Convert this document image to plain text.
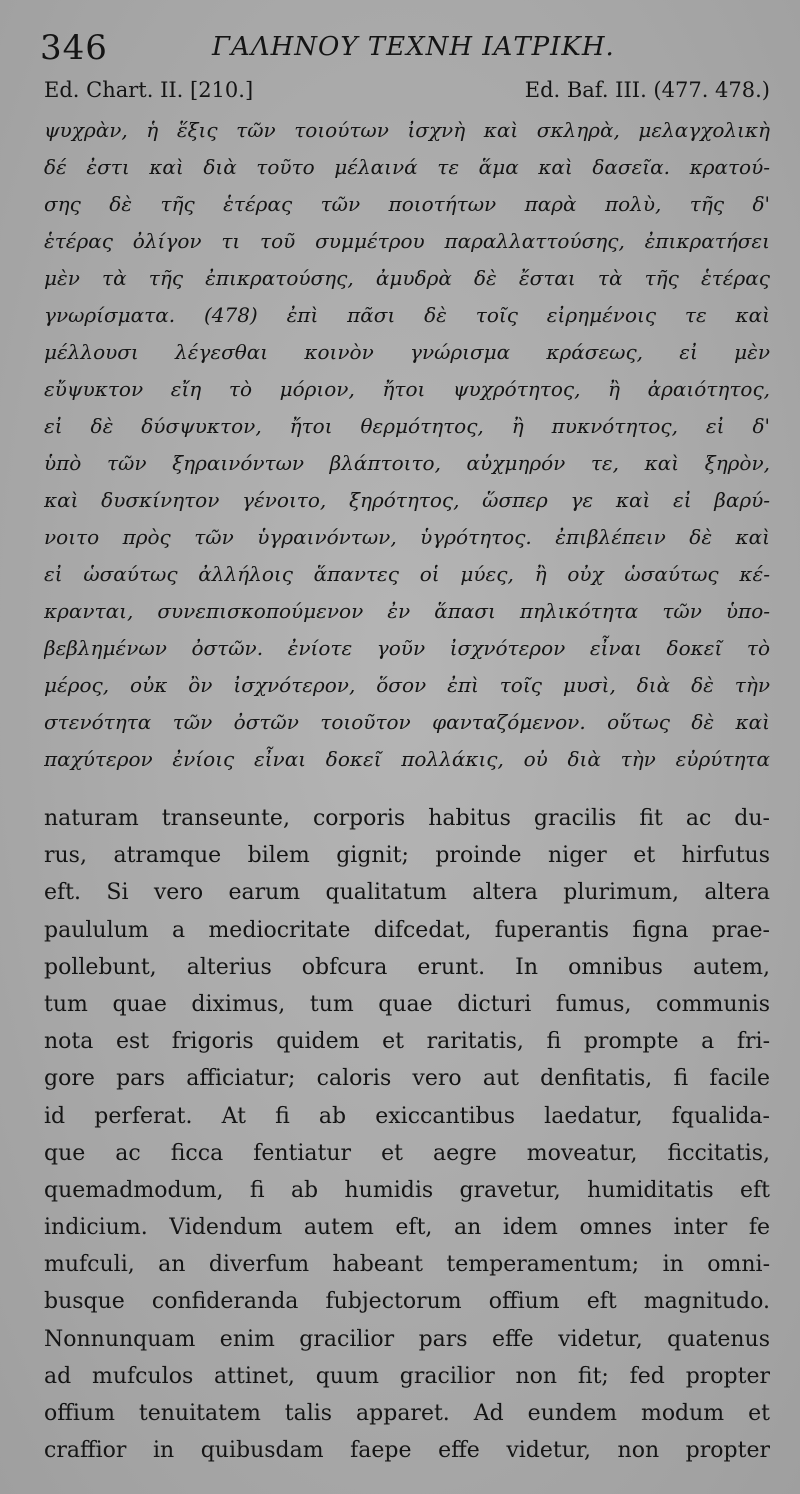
346	ΓΑΛΗΝΟΥ ΤΕΧΝΗ ΙΑΤΡΙΚΗ.
Ed. Chart. II. [210.]	Ed. Baf. III. (477. 478.)
ψυχρὰν, ἡ ἕξις τῶν τοιούτων ἰσχνὴ καὶ σκληρὰ, μελαγχολικὴ
δέ ἐστι καὶ διὰ τοῦτο μέλαινά τε ἅμα καὶ δασεῖα. κρατού-
σης δὲ τῆς ἑτέρας τῶν ποιοτήτων παρὰ πολὺ, τῆς δ'
ἑτέρας ὀλίγον τι τοῦ συμμέτρου παραλλαττούσης, ἐπικρατήσει
μὲν τὰ τῆς ἐπικρατούσης, ἀμυδρὰ δὲ ἔσται τὰ τῆς ἑτέρας
γνωρίσματα. (478) ἐπὶ πᾶσι δὲ τοῖς εἰρημένοις τε καὶ
μέλλουσι λέγεσθαι κοινὸν γνώρισμα κράσεως, εἰ μὲν
εὔψυκτον εἴη τὸ μόριον, ἤτοι ψυχρότητος, ἢ ἀραιότητος,
εἰ δὲ δύσψυκτον, ἤτοι θερμότητος, ἢ πυκνότητος, εἰ δ'
ὑπὸ τῶν ξηραινόντων βλάπτοιτο, αὐχμηρόν τε, καὶ ξηρὸν,
καὶ δυσκίνητον γένοιτο, ξηρότητος, ὥσπερ γε καὶ εἰ βαρύ-
νοιτο πρὸς τῶν ὑγραινόντων, ὑγρότητος. ἐπιβλέπειν δὲ καὶ
εἰ ὡσαύτως ἀλλήλοις ἅπαντες οἱ μύες, ἢ οὐχ ὡσαύτως κέ-
κρανται, συνεπισκοπούμενον ἐν ἅπασι πηλικότητα τῶν ὑπο-
βεβλημένων ὀστῶν. ἐνίοτε γοῦν ἰσχνότερον εἶναι δοκεῖ τὸ
μέρος, οὐκ ὂν ἰσχνότερον, ὅσον ἐπὶ τοῖς μυσὶ, διὰ δὲ τὴν
στενότητα τῶν ὀστῶν τοιοῦτον φανταζόμενον. οὕτως δὲ καὶ
παχύτερον ἐνίοις εἶναι δοκεῖ πολλάκις, οὐ διὰ τὴν εὐρύτητα
naturam transeunte, corporis habitus gracilis fit ac du-
rus, atramque bilem gignit; proinde niger et hirfutus
eft. Si vero earum qualitatum altera plurimum, altera
paululum a mediocritate difcedat, fuperantis figna prae-
pollebunt, alterius obfcura erunt. In omnibus autem,
tum quae diximus, tum quae dicturi fumus, communis
nota est frigoris quidem et raritatis, fi prompte a fri-
gore pars afficiatur; caloris vero aut denfitatis, fi facile
id perferat. At fi ab exiccantibus laedatur, fqualida-
que ac ficca fentiatur et aegre moveatur, ficcitatis,
quemadmodum, fi ab humidis gravetur, humiditatis eft
indicium. Videndum autem eft, an idem omnes inter fe
mufculi, an diverfum habeant temperamentum; in omni-
busque confideranda fubjectorum offium eft magnitudo.
Nonnunquam enim gracilior pars effe videtur, quatenus
ad mufculos attinet, quum gracilior non fit; fed propter
offium tenuitatem talis apparet. Ad eundem modum et
craffior in quibusdam faepe effe videtur, non propter
